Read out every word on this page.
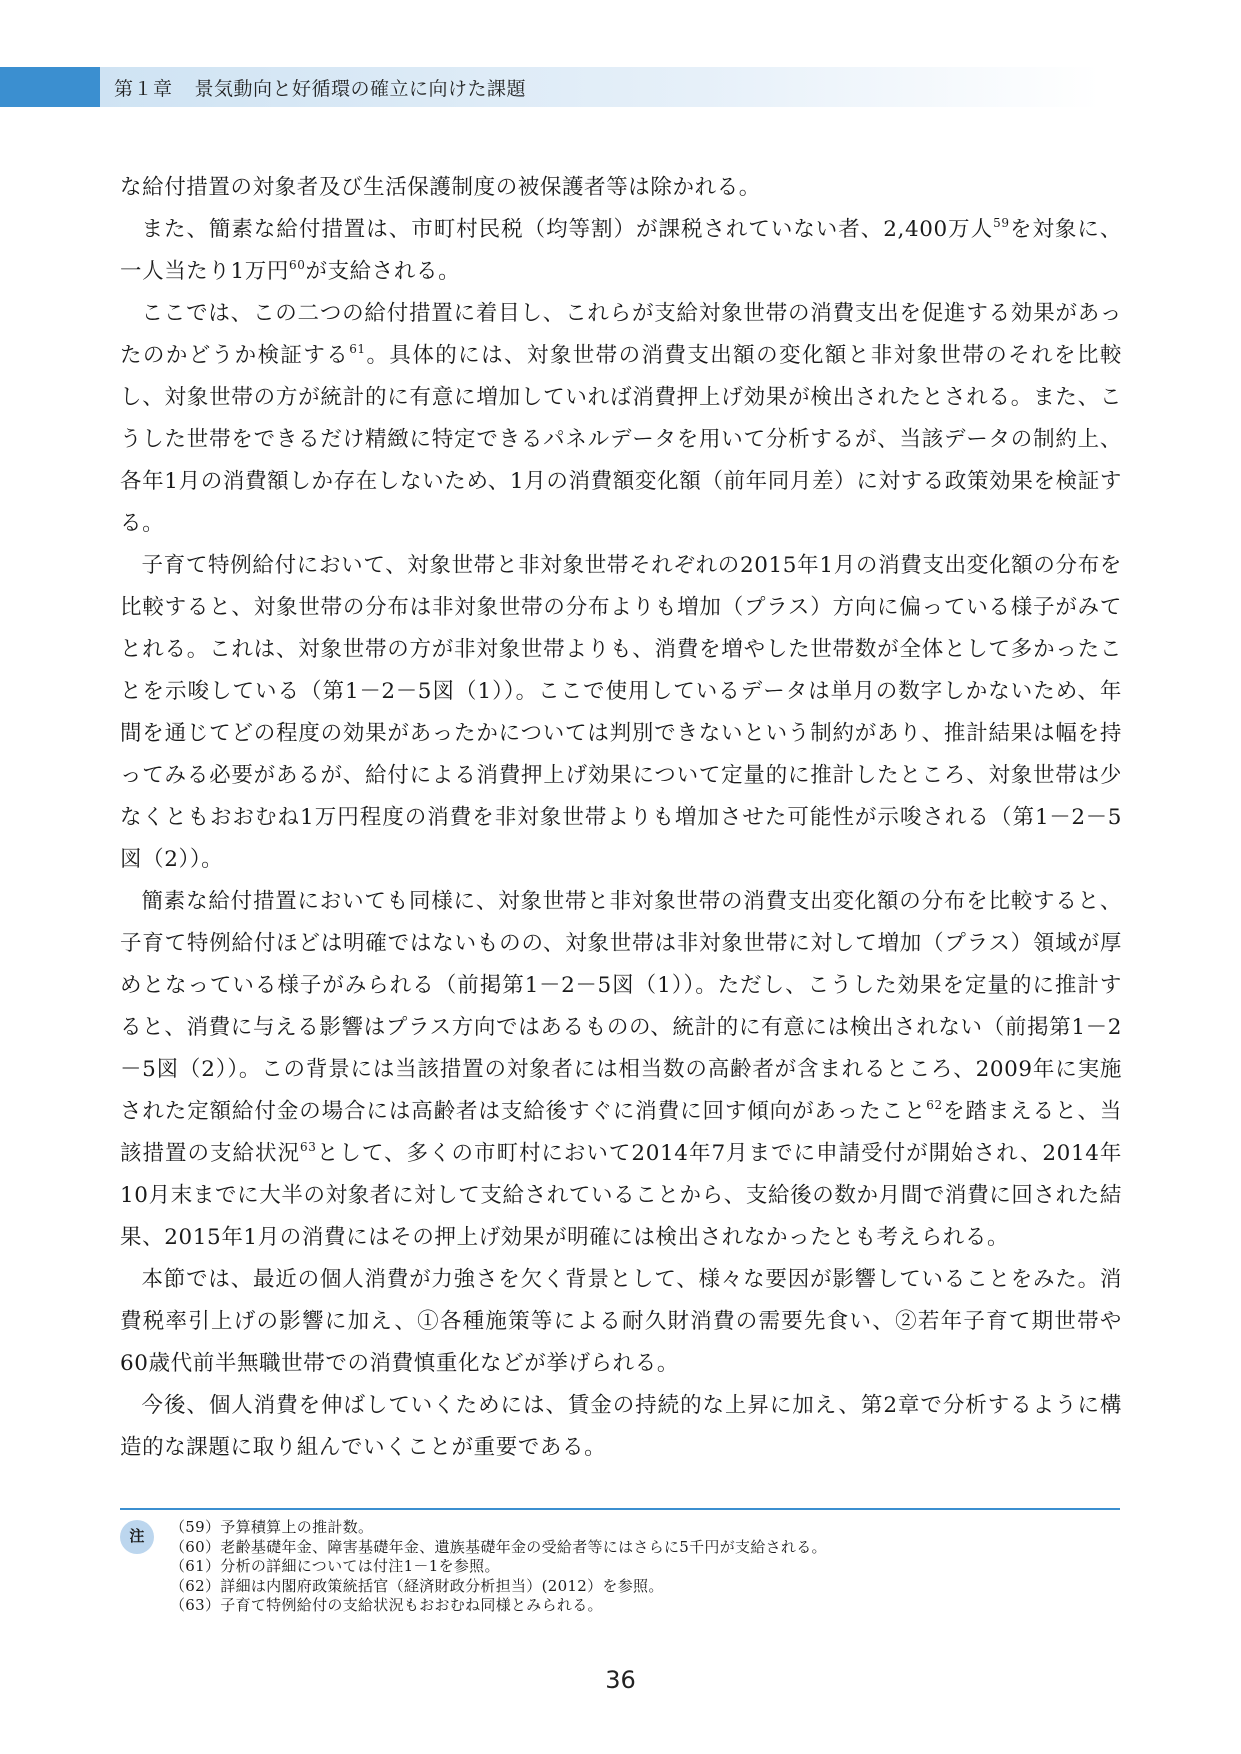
第１章 景気動向と好循環の確立に向けた課題

な給付措置の対象者及び生活保護制度の被保護者等は除かれる。

また、簡素な給付措置は、市町村民税（均等割）が課税されていない者、2,400万人$^{59}$を対象に、一人当たり1万円$^{60}$が支給される。

ここでは、この二つの給付措置に着目し、これらが支給対象世帯の消費支出を促進する効果があったのかどうか検証する$^{61}$。具体的には、対象世帯の消費支出額の変化額と非対象世帯のそれを比較し、対象世帯の方が統計的に有意に増加していれば消費押上げ効果が検出されたとされる。また、こうした世帯をできるだけ精緻に特定できるパネルデータを用いて分析するが、当該データの制約上、各年1月の消費額しか存在しないため、1月の消費額変化額（前年同月差）に対する政策効果を検証する。

子育て特例給付において、対象世帯と非対象世帯それぞれの2015年1月の消費支出変化額の分布を比較すると、対象世帯の分布は非対象世帯の分布よりも増加（プラス）方向に偏っている様子がみてとれる。これは、対象世帯の方が非対象世帯よりも、消費を増やした世帯数が全体として多かったことを示唆している（第1－2－5図（1））。ここで使用しているデータは単月の数字しかないため、年間を通じてどの程度の効果があったかについては判別できないという制約があり、推計結果は幅を持ってみる必要があるが、給付による消費押上げ効果について定量的に推計したところ、対象世帯は少なくともおおむね1万円程度の消費を非対象世帯よりも増加させた可能性が示唆される（第1－2－5図（2））。

簡素な給付措置においても同様に、対象世帯と非対象世帯の消費支出変化額の分布を比較すると、子育て特例給付ほどは明確ではないものの、対象世帯は非対象世帯に対して増加（プラス）領域が厚めとなっている様子がみられる（前掲第1－2－5図（1））。ただし、こうした効果を定量的に推計すると、消費に与える影響はプラス方向ではあるものの、統計的に有意には検出されない（前掲第1－2－5図（2））。この背景には当該措置の対象者には相当数の高齢者が含まれるところ、2009年に実施された定額給付金の場合には高齢者は支給後すぐに消費に回す傾向があったこと$^{62}$を踏まえると、当該措置の支給状況$^{63}$として、多くの市町村において2014年7月までに申請受付が開始され、2014年10月末までに大半の対象者に対して支給されていることから、支給後の数か月間で消費に回された結果、2015年1月の消費にはその押上げ効果が明確には検出されなかったとも考えられる。

本節では、最近の個人消費が力強さを欠く背景として、様々な要因が影響していることをみた。消費税率引上げの影響に加え、①各種施策等による耐久財消費の需要先食い、②若年子育て期世帯や60歳代前半無職世帯での消費慎重化などが挙げられる。

今後、個人消費を伸ばしていくためには、賃金の持続的な上昇に加え、第2章で分析するように構造的な課題に取り組んでいくことが重要である。

注
（59）予算積算上の推計数。
（60）老齢基礎年金、障害基礎年金、遺族基礎年金の受給者等にはさらに5千円が支給される。
（61）分析の詳細については付注1－1を参照。
（62）詳細は内閣府政策統括官（経済財政分析担当）(2012）を参照。
（63）子育て特例給付の支給状況もおおむね同様とみられる。
36
